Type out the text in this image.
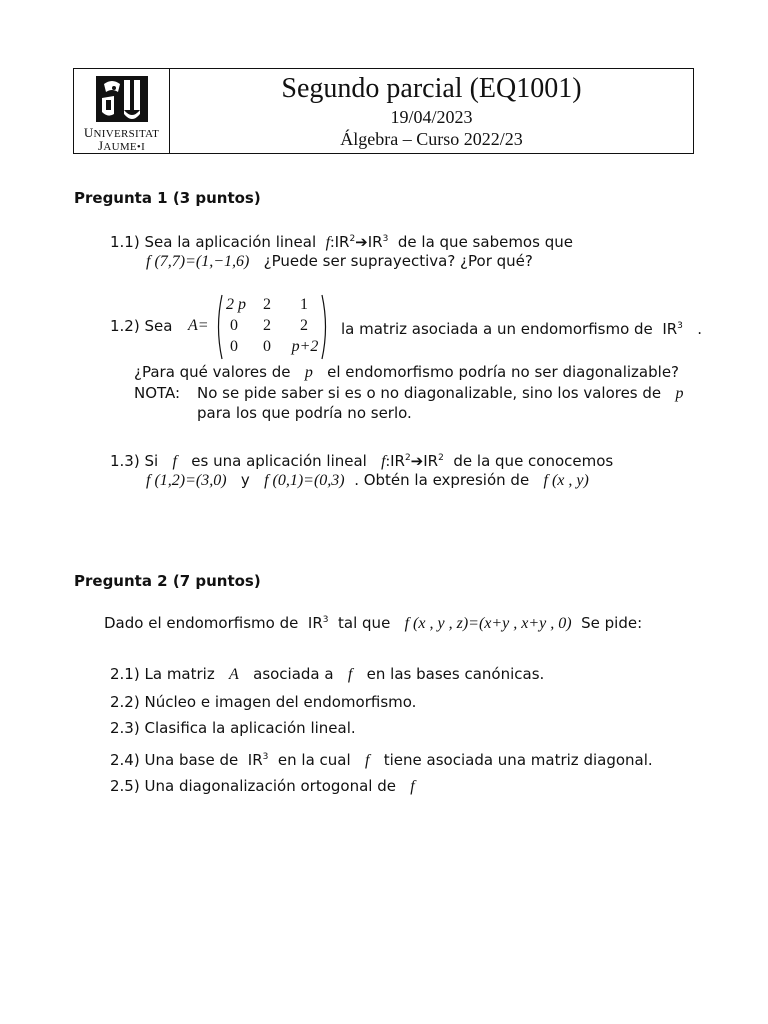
UNIVERSITAT
JAUME•I
Segundo parcial (EQ1001)
19/04/2023
Álgebra – Curso 2022/23
Pregunta 1 (3 puntos)
1.1) Sea la aplicación lineal $f:IR^2➔IR^3$ de la que sabemos que
f (7,7)=(1,−1,6) ¿Puede ser suprayectiva? ¿Por qué?
1.2) Sea A=
2 p	2	1
0	2	2
0	0	p+2
la matriz asociada a un endomorfismo de $IR^3$ .
¿Para qué valores de p el endomorfismo podría no ser diagonalizable?
NOTA: No se pide saber si es o no diagonalizable, sino los valores de p
para los que podría no serlo.
1.3) Si f es una aplicación lineal $f:IR^2➔IR^2$ de la que conocemos
f (1,2)=(3,0) y f (0,1)=(0,3) . Obtén la expresión de f (x , y)
Pregunta 2 (7 puntos)
Dado el endomorfismo de $IR^3$ tal que f (x , y , z)=(x+y , x+y , 0) Se pide:
2.1) La matriz A asociada a f en las bases canónicas.
2.2) Núcleo e imagen del endomorfismo.
2.3) Clasifica la aplicación lineal.
2.4) Una base de $IR^3$ en la cual f tiene asociada una matriz diagonal.
2.5) Una diagonalización ortogonal de f
